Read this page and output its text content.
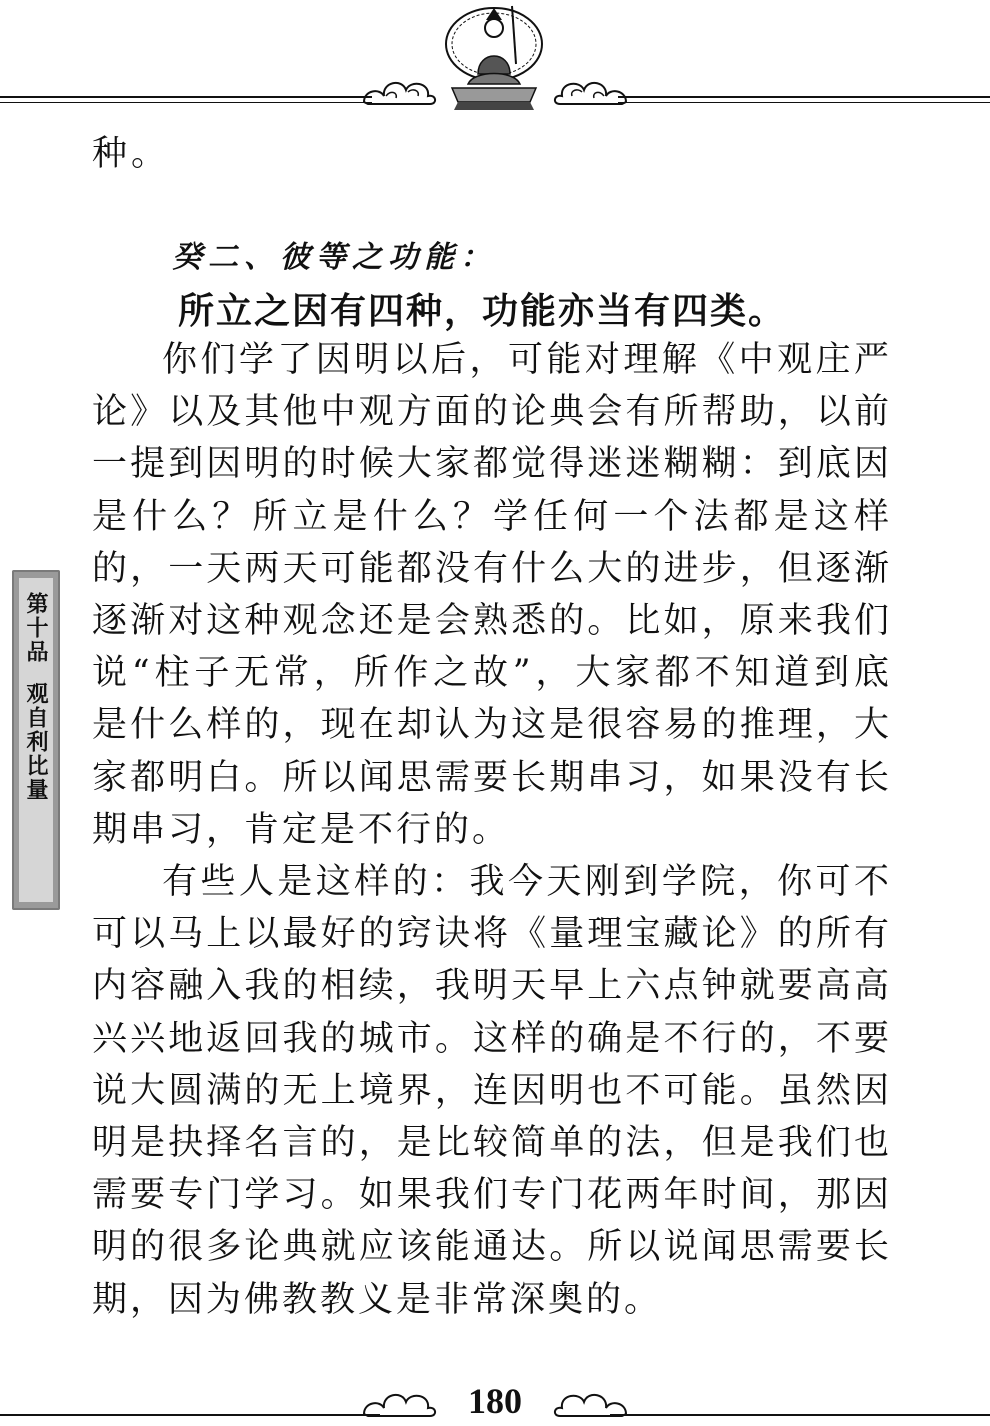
第十品
观自利比量
种。
癸二、彼等之功能：
所立之因有四种，功能亦当有四类。

你们学了因明以后，可能对理解《中观庄严论》以及其他中观方面的论典会有所帮助，以前一提到因明的时候大家都觉得迷迷糊糊：到底因是什么？所立是什么？学任何一个法都是这样的，一天两天可能都没有什么大的进步，但逐渐逐渐对这种观念还是会熟悉的。比如，原来我们说“柱子无常，所作之故”，大家都不知道到底是什么样的，现在却认为这是很容易的推理，大家都明白。所以闻思需要长期串习，如果没有长期串习，肯定是不行的。

有些人是这样的：我今天刚到学院，你可不可以马上以最好的窍诀将《量理宝藏论》的所有内容融入我的相续，我明天早上六点钟就要高高兴兴地返回我的城市。这样的确是不行的，不要说大圆满的无上境界，连因明也不可能。虽然因明是抉择名言的，是比较简单的法，但是我们也需要专门学习。如果我们专门花两年时间，那因明的很多论典就应该能通达。所以说闻思需要长期，因为佛教教义是非常深奥的。

180
